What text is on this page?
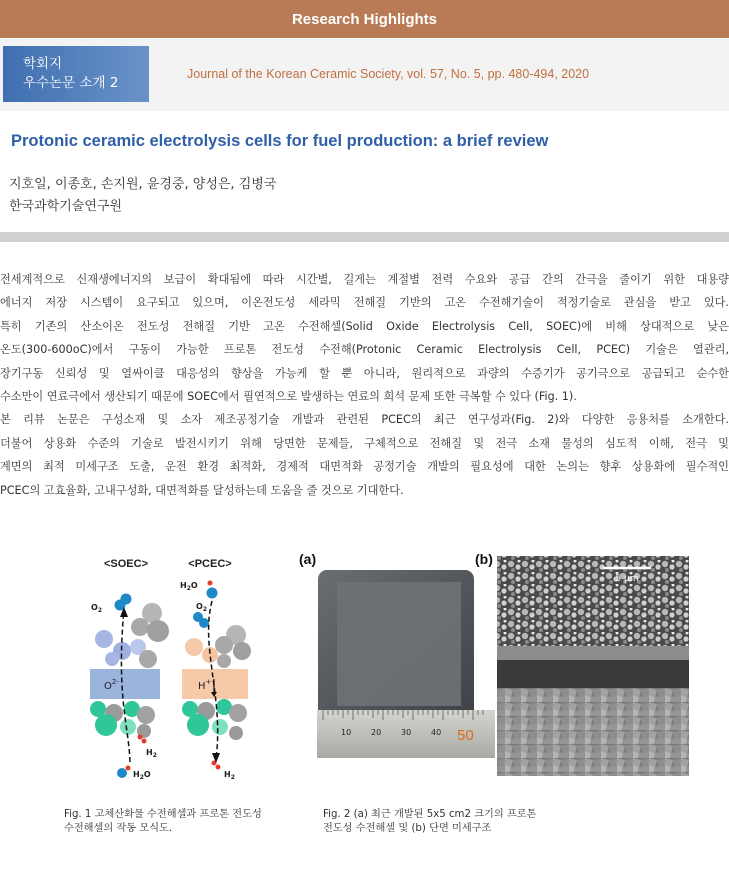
Research Highlights
학회지
우수논문 소개 2
Journal of the Korean Ceramic Society, vol. 57, No. 5, pp. 480-494, 2020
Protonic ceramic electrolysis cells for fuel production: a brief review
지호일, 이종호, 손지원, 윤경중, 양성은, 김병국
한국과학기술연구원
전세계적으로 신재생에너지의 보급이 확대됨에 따라 시간별, 길게는 계절별 전력 수요와 공급 간의 간극을 줄이기 위한 대용량
에너지 저장 시스템이 요구되고 있으며, 이온전도성 세라믹 전해질 기반의 고온 수전해기술이 적정기술로 관심을 받고 있다.
특히 기존의 산소이온 전도성 전해질 기반 고온 수전해셀(Solid Oxide Electrolysis Cell, SOEC)에 비해 상대적으로 낮은
온도(300-600oC)에서 구동이 가능한 프로톤 전도성 수전해(Protonic Ceramic Electrolysis Cell, PCEC) 기술은 열관리,
장기구동 신뢰성 및 열싸이클 대응성의 향상을 가능케 할 뿐 아니라, 원리적으로 과량의 수증기가 공기극으로 공급되고 순수한
수소만이 연료극에서 생산되기 때문에 SOEC에서 필연적으로 발생하는 연료의 희석 문제 또한 극복할 수 있다 (Fig. 1).
본 리뷰 논문은 구성소재 및 소자 제조공정기술 개발과 관련된 PCEC의 최근 연구성과(Fig. 2)와 다양한 응용처를 소개한다.
더불어 상용화 수준의 기술로 발전시키기 위해 당면한 문제들, 구체적으로 전해질 및 전극 소재 물성의 심도적 이해, 전극 및
계면의 최적 미세구조 도출, 운전 환경 최적화, 경제적 대면적화 공정기술 개발의 필요성에 대한 논의는 향후 상용화에 필수적인
PCEC의 고효율화, 고내구성화, 대면적화를 달성하는데 도움을 줄 것으로 기대한다.
<SOEC>	<PCEC>
$O^{2-}$
$O_2$
$H_2O$
$H_2$
H+
$H_2O$
$O_2$
$H_2$
(a)	(b)
10 20 30 40 50
5 μm
Fig. 1 고체산화물 수전해셀과 프로톤 전도성
수전해셀의 작동 모식도.
Fig. 2 (a) 최근 개발된 5x5 cm2 크기의 프로톤
전도성 수전해셀 및 (b) 단면 미세구조
